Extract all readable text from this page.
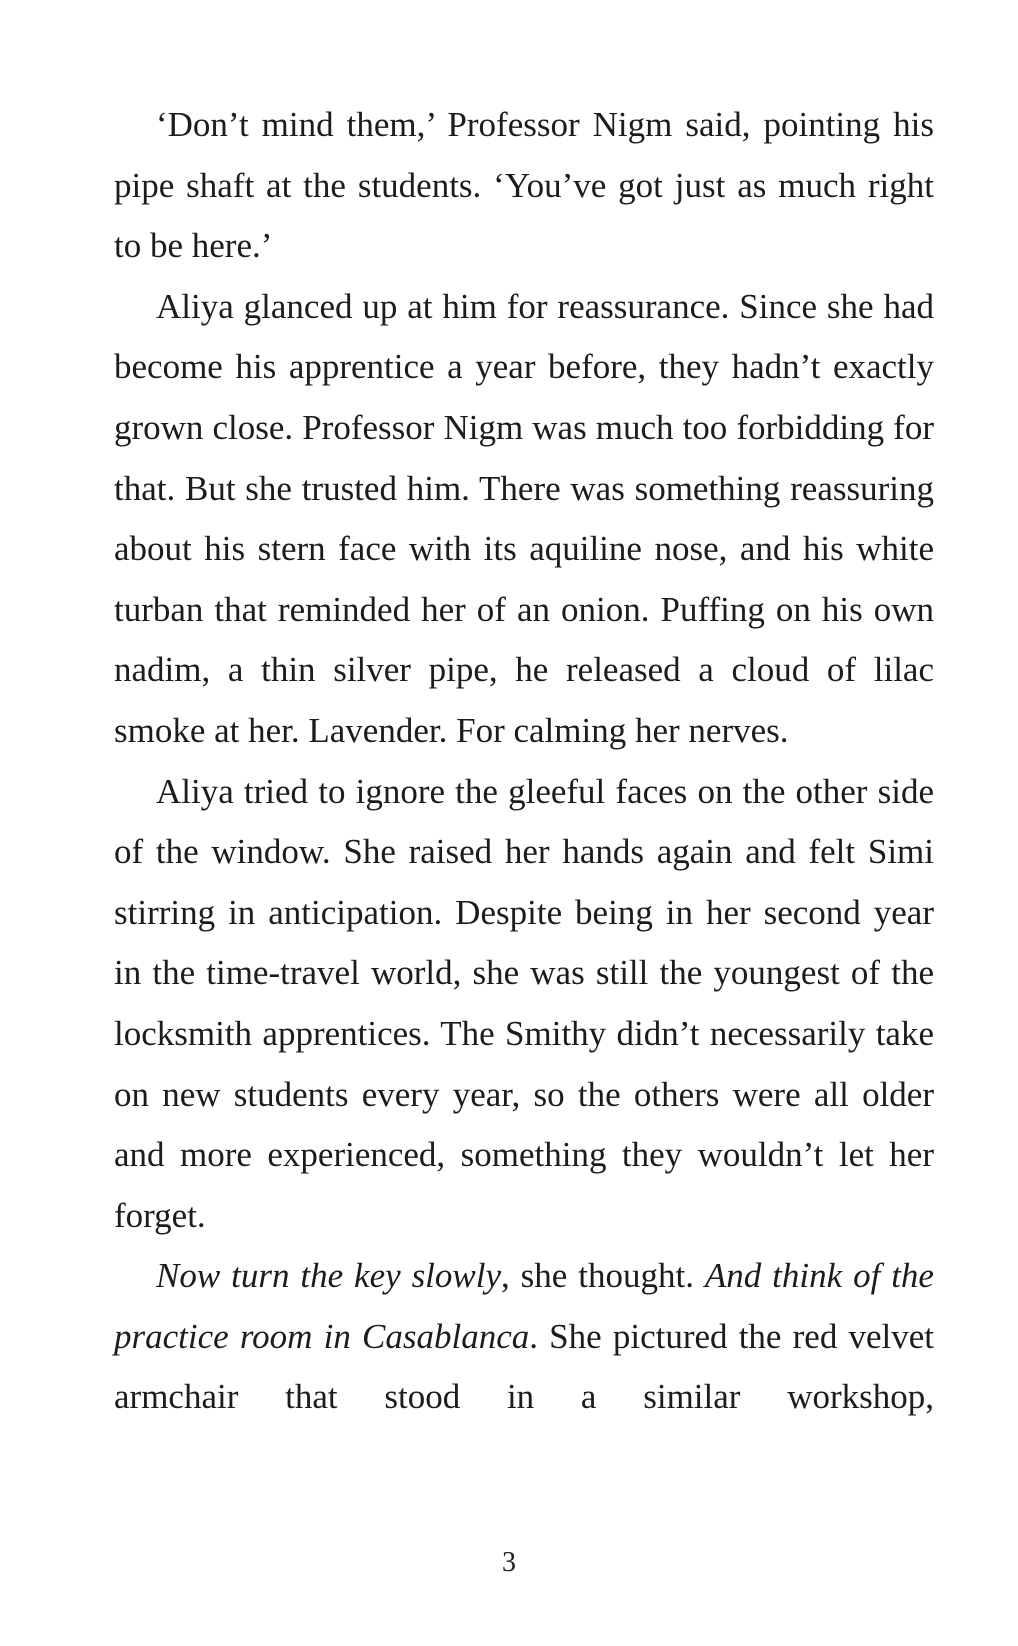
‘Don’t mind them,’ Professor Nigm said, pointing his pipe shaft at the students. ‘You’ve got just as much right to be here.’

Aliya glanced up at him for reassurance. Since she had become his apprentice a year before, they hadn’t exactly grown close. Professor Nigm was much too forbidding for that. But she trusted him. There was something reassuring about his stern face with its aquiline nose, and his white turban that reminded her of an onion. Puffing on his own nadim, a thin silver pipe, he released a cloud of lilac smoke at her. Lavender. For calming her nerves.

Aliya tried to ignore the gleeful faces on the other side of the window. She raised her hands again and felt Simi stirring in anticipation. Despite being in her second year in the time-travel world, she was still the youngest of the locksmith apprentices. The Smithy didn’t necessarily take on new students every year, so the others were all older and more experienced, something they wouldn’t let her forget.

Now turn the key slowly, she thought. And think of the practice room in Casablanca. She pictured the red velvet armchair that stood in a similar workshop,

3
